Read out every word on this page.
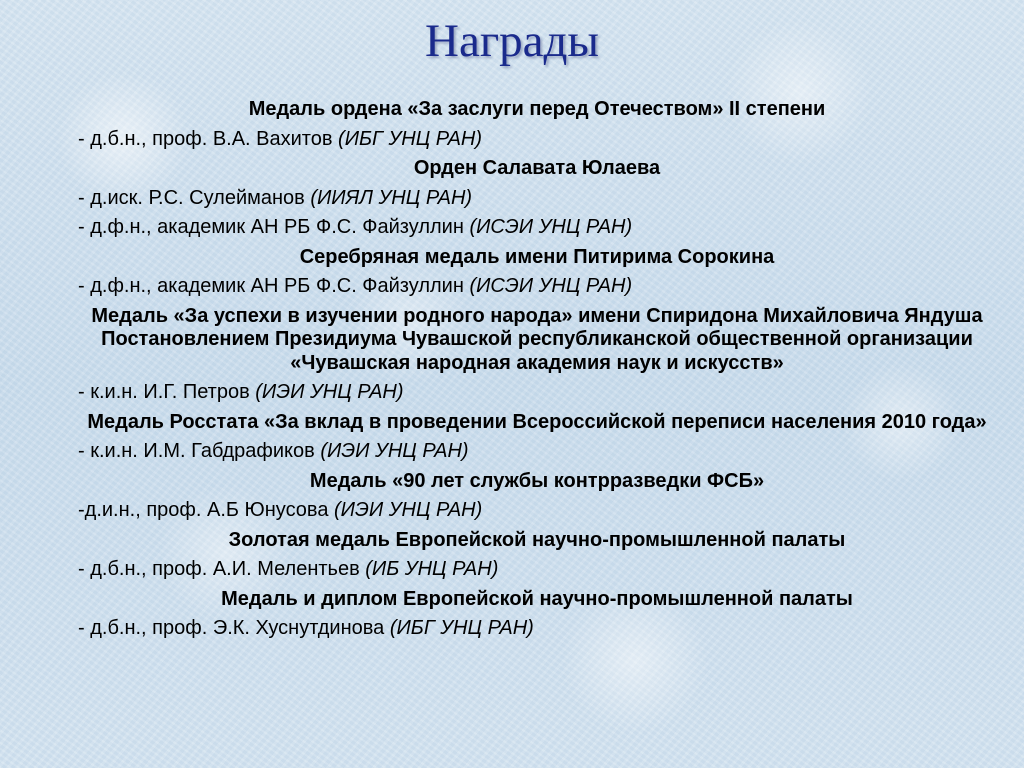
Награды
Медаль ордена «За заслуги перед Отечеством» II степени
- д.б.н., проф. В.А. Вахитов (ИБГ УНЦ РАН)
Орден Салавата Юлаева
- д.иск. Р.С. Сулейманов (ИИЯЛ УНЦ РАН)
- д.ф.н., академик АН РБ Ф.С. Файзуллин (ИСЭИ УНЦ РАН)
Серебряная медаль имени Питирима Сорокина
- д.ф.н., академик АН РБ Ф.С. Файзуллин (ИСЭИ УНЦ РАН)
Медаль «За успехи в изучении родного народа» имени Спиридона Михайловича Яндуша Постановлением Президиума Чувашской республиканской общественной организации «Чувашская народная академия наук и искусств»
- к.и.н. И.Г. Петров (ИЭИ УНЦ РАН)
Медаль Росстата «За вклад в проведении Всероссийской переписи населения 2010 года»
- к.и.н. И.М. Габдрафиков (ИЭИ УНЦ РАН)
Медаль «90 лет службы контрразведки ФСБ»
-д.и.н., проф. А.Б Юнусова (ИЭИ УНЦ РАН)
Золотая медаль Европейской научно-промышленной палаты
- д.б.н., проф. А.И. Мелентьев (ИБ УНЦ РАН)
Медаль и диплом Европейской научно-промышленной палаты
- д.б.н., проф. Э.К. Хуснутдинова (ИБГ УНЦ РАН)
